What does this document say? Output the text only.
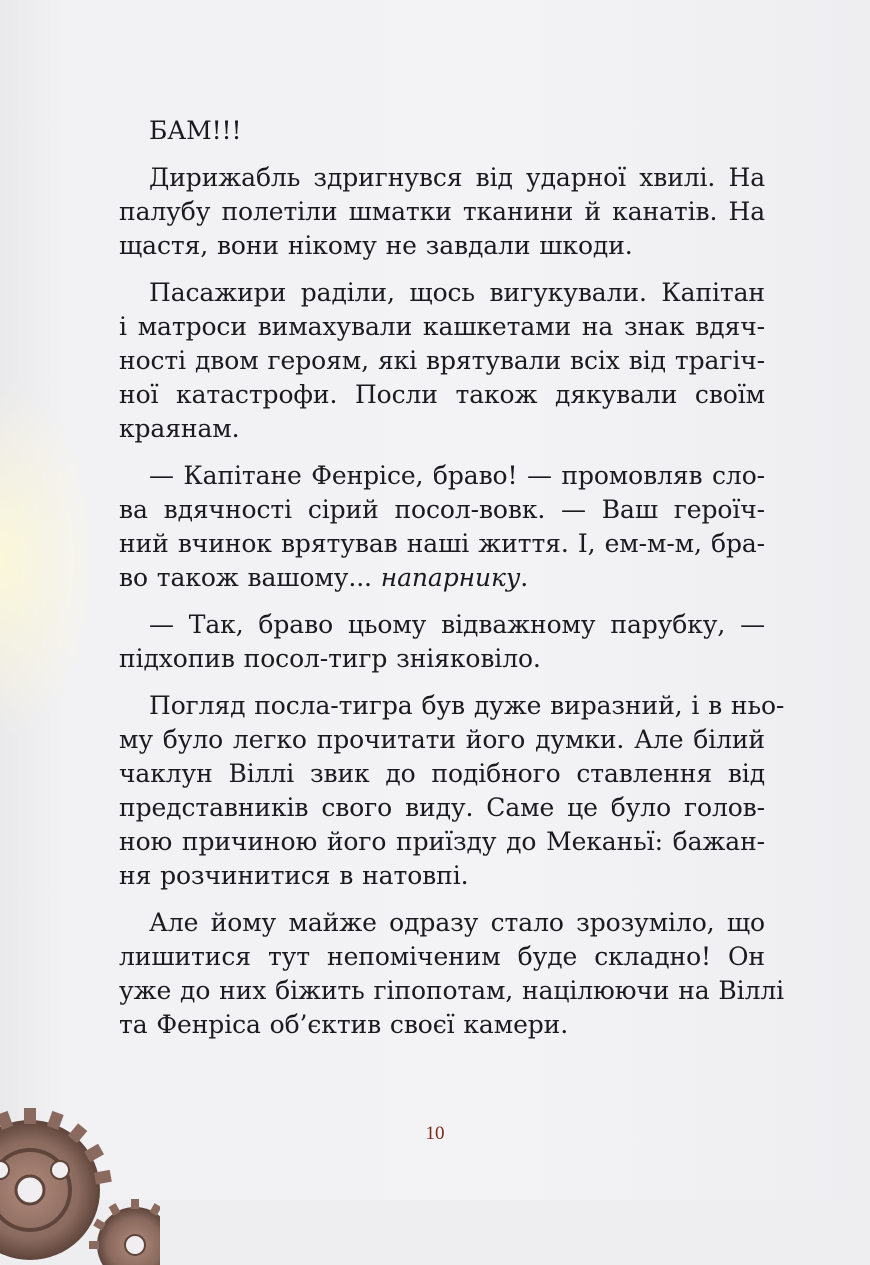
БАМ!!!

Дирижабль здригнувся від ударної хвилі. На
палубу полетіли шматки тканини й канатів. На
щастя, вони нікому не завдали шкоди.

Пасажири раділи, щось вигукували. Капітан
і матроси вимахували кашкетами на знак вдяч-
ності двом героям, які врятували всіх від трагіч-
ної катастрофи. Посли також дякували своїм
краянам.

— Капітане Фенрісе, браво! — промовляв сло-
ва вдячності сірий посол-вовк. — Ваш героїч-
ний вчинок врятував наші життя. І, ем-м-м, бра-
во також вашому... напарнику.

— Так, браво цьому відважному парубку, —
підхопив посол-тигр зніяковіло.

Погляд посла-тигра був дуже виразний, і в ньо-
му було легко прочитати його думки. Але білий
чаклун Віллі звик до подібного ставлення від
представників свого виду. Саме це було голов-
ною причиною його приїзду до Меканьї: бажан-
ня розчинитися в натовпі.

Але йому майже одразу стало зрозуміло, що
лишитися тут непоміченим буде складно! Он
уже до них біжить гіпопотам, націлюючи на Віллі
та Фенріса об’єктив своєї камери.

10
